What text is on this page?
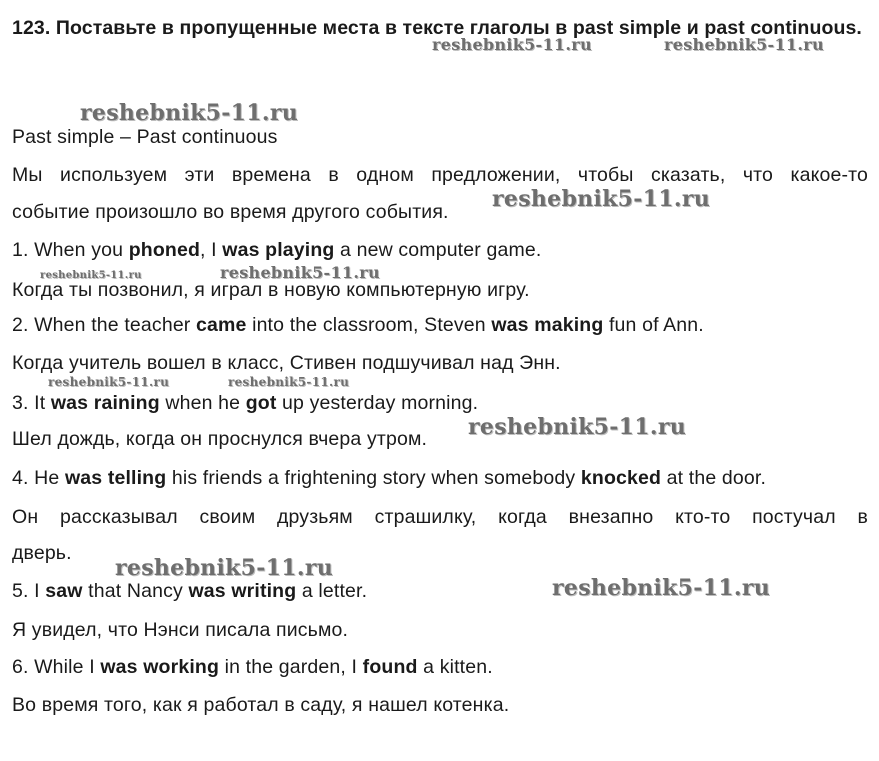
123. Поставьте в пропущенные места в тексте глаголы в past simple и past continuous.
Past simple – Past continuous
Мы используем эти времена в одном предложении, чтобы сказать, что какое-то
событие произошло во время другого события.
1. When you phoned, I was playing a new computer game.
Когда ты позвонил, я играл в новую компьютерную игру.
2. When the teacher came into the classroom, Steven was making fun of Ann.
Когда учитель вошел в класс, Стивен подшучивал над Энн.
3. It was raining when he got up yesterday morning.
Шел дождь, когда он проснулся вчера утром.
4. He was telling his friends a frightening story when somebody knocked at the door.
Он рассказывал своим друзьям страшилку, когда внезапно кто-то постучал в
дверь.
5. I saw that Nancy was writing a letter.
Я увидел, что Нэнси писала письмо.
6. While I was working in the garden, I found a kitten.
Во время того, как я работал в саду, я нашел котенка.
reshebnik5-11.ru	reshebnik5-11.ru
reshebnik5-11.ru
reshebnik5-11.ru
reshebnik5-11.ru	reshebnik5-11.ru
reshebnik5-11.ru	reshebnik5-11.ru
reshebnik5-11.ru
reshebnik5-11.ru
reshebnik5-11.ru
